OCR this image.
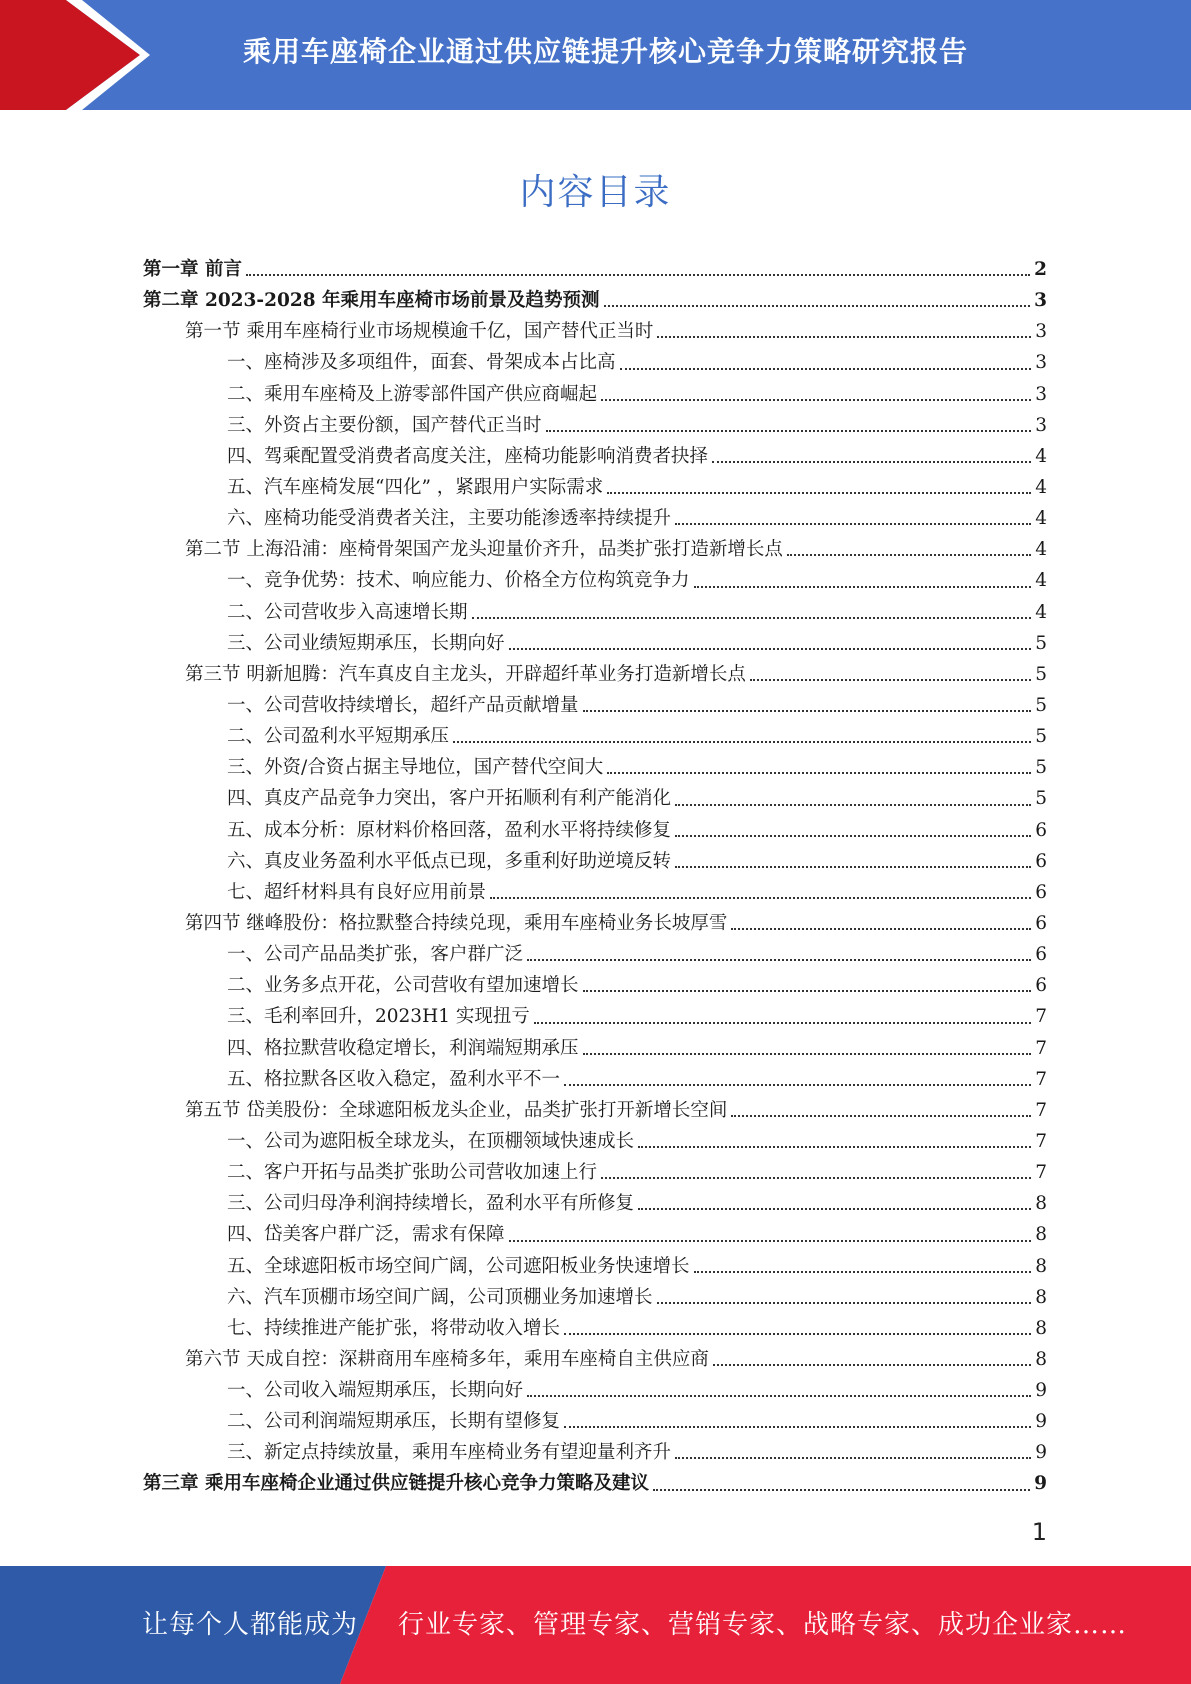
乘用车座椅企业通过供应链提升核心竞争力策略研究报告
内容目录
第一章 前言	2
第二章 2023-2028 年乘用车座椅市场前景及趋势预测	3
第一节 乘用车座椅行业市场规模逾千亿，国产替代正当时	3
一、座椅涉及多项组件，面套、骨架成本占比高	3
二、乘用车座椅及上游零部件国产供应商崛起	3
三、外资占主要份额，国产替代正当时	3
四、驾乘配置受消费者高度关注，座椅功能影响消费者抉择	4
五、汽车座椅发展“四化” ，紧跟用户实际需求	4
六、座椅功能受消费者关注，主要功能渗透率持续提升	4
第二节 上海沿浦：座椅骨架国产龙头迎量价齐升，品类扩张打造新增长点	4
一、竞争优势：技术、响应能力、价格全方位构筑竞争力	4
二、公司营收步入高速增长期	4
三、公司业绩短期承压，长期向好	5
第三节 明新旭腾：汽车真皮自主龙头，开辟超纤革业务打造新增长点	5
一、公司营收持续增长，超纤产品贡献增量	5
二、公司盈利水平短期承压	5
三、外资/合资占据主导地位，国产替代空间大	5
四、真皮产品竞争力突出，客户开拓顺利有利产能消化	5
五、成本分析：原材料价格回落，盈利水平将持续修复	6
六、真皮业务盈利水平低点已现，多重利好助逆境反转	6
七、超纤材料具有良好应用前景	6
第四节 继峰股份：格拉默整合持续兑现，乘用车座椅业务长坡厚雪	6
一、公司产品品类扩张，客户群广泛	6
二、业务多点开花，公司营收有望加速增长	6
三、毛利率回升，2023H1 实现扭亏	7
四、格拉默营收稳定增长，利润端短期承压	7
五、格拉默各区收入稳定，盈利水平不一	7
第五节 岱美股份：全球遮阳板龙头企业，品类扩张打开新增长空间	7
一、公司为遮阳板全球龙头，在顶棚领域快速成长	7
二、客户开拓与品类扩张助公司营收加速上行	7
三、公司归母净利润持续增长，盈利水平有所修复	8
四、岱美客户群广泛，需求有保障	8
五、全球遮阳板市场空间广阔，公司遮阳板业务快速增长	8
六、汽车顶棚市场空间广阔，公司顶棚业务加速增长	8
七、持续推进产能扩张，将带动收入增长	8
第六节 天成自控：深耕商用车座椅多年，乘用车座椅自主供应商	8
一、公司收入端短期承压，长期向好	9
二、公司利润端短期承压，长期有望修复	9
三、新定点持续放量，乘用车座椅业务有望迎量利齐升	9
第三章 乘用车座椅企业通过供应链提升核心竞争力策略及建议	9
1
让每个人都能成为 行业专家、管理专家、营销专家、战略专家、成功企业家……
